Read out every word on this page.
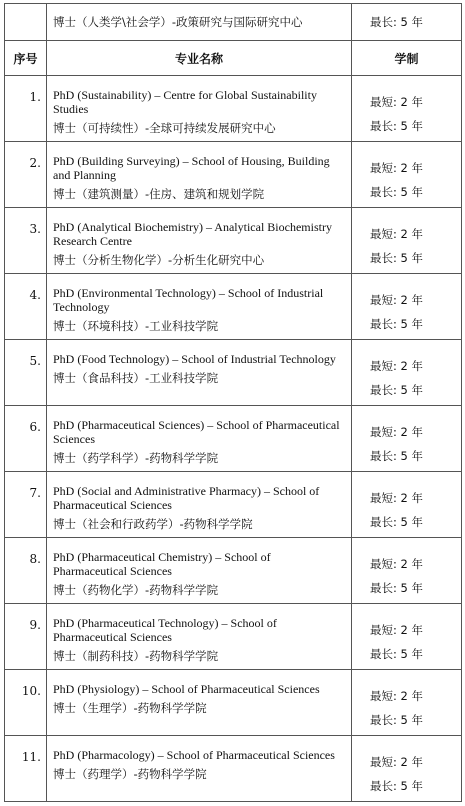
	博士（人类学\社会学）-政策研究与国际研究中心	最长: 5 年

序号	专业名称	学制
1.	PhD (Sustainability) – Centre for Global Sustainability Studies
博士（可持续性）-全球可持续发展研究中心	最短: 2 年
最长: 5 年

2.	PhD (Building Surveying) – School of Housing, Building and Planning
博士（建筑测量）-住房、建筑和规划学院	最短: 2 年
最长: 5 年

3.	PhD (Analytical Biochemistry) – Analytical Biochemistry Research Centre
博士（分析生物化学）-分析生化研究中心	最短: 2 年
最长: 5 年

4.	PhD (Environmental Technology) – School of Industrial Technology
博士（环境科技）-工业科技学院	最短: 2 年
最长: 5 年

5.	PhD (Food Technology) – School of Industrial Technology
博士（食品科技）-工业科技学院	最短: 2 年
最长: 5 年

6.	PhD (Pharmaceutical Sciences) – School of Pharmaceutical Sciences
博士（药学科学）-药物科学学院	最短: 2 年
最长: 5 年

7.	PhD (Social and Administrative Pharmacy) – School of Pharmaceutical Sciences
博士（社会和行政药学）-药物科学学院	最短: 2 年
最长: 5 年

8.	PhD (Pharmaceutical Chemistry) – School of Pharmaceutical Sciences
博士（药物化学）-药物科学学院	最短: 2 年
最长: 5 年

9.	PhD (Pharmaceutical Technology) – School of Pharmaceutical Sciences
博士（制药科技）-药物科学学院	最短: 2 年
最长: 5 年

10.	PhD (Physiology) – School of Pharmaceutical Sciences
博士（生理学）-药物科学学院	最短: 2 年
最长: 5 年

11.	PhD (Pharmacology) – School of Pharmaceutical Sciences
博士（药理学）-药物科学学院	最短: 2 年
最长: 5 年
